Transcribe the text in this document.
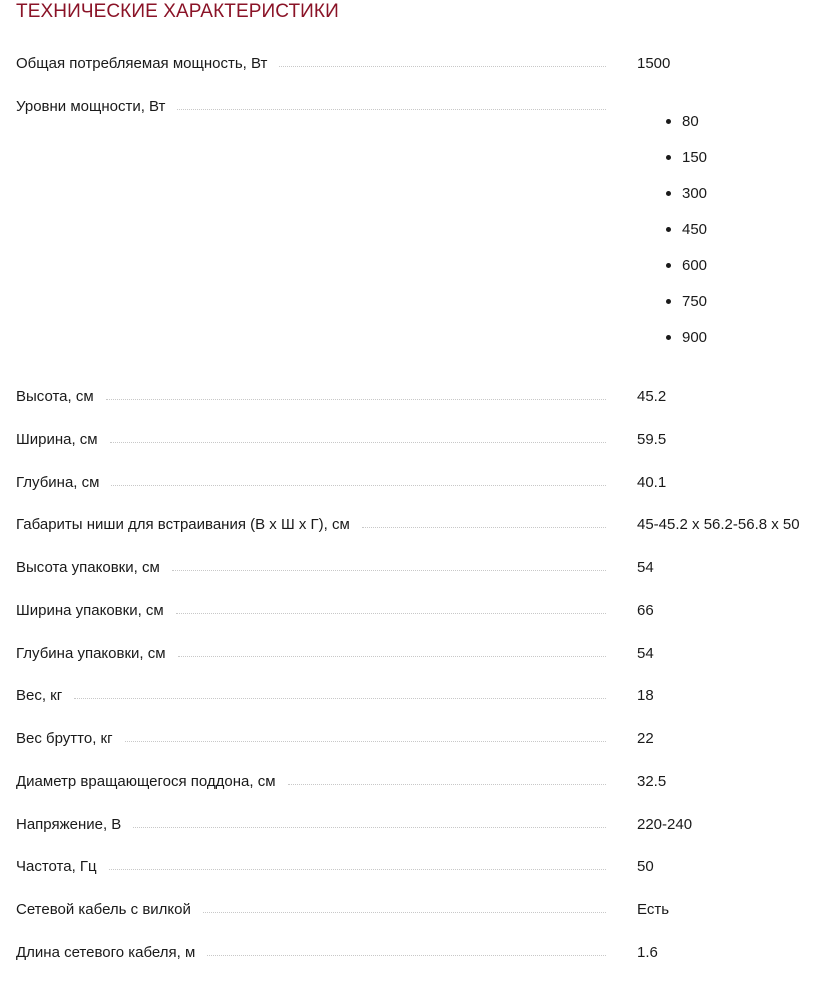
ТЕХНИЧЕСКИЕ ХАРАКТЕРИСТИКИ
Общая потребляемая мощность, Вт	1500
Уровни мощности, Вт
80
150
300
450
600
750
900
Высота, см	45.2
Ширина, см	59.5
Глубина, см	40.1
Габариты ниши для встраивания (В х Ш х Г), см	45-45.2 x 56.2-56.8 x 50
Высота упаковки, см	54
Ширина упаковки, см	66
Глубина упаковки, см	54
Вес, кг	18
Вес брутто, кг	22
Диаметр вращающегося поддона, см	32.5
Напряжение, В	220-240
Частота, Гц	50
Сетевой кабель с вилкой	Есть
Длина сетевого кабеля, м	1.6
